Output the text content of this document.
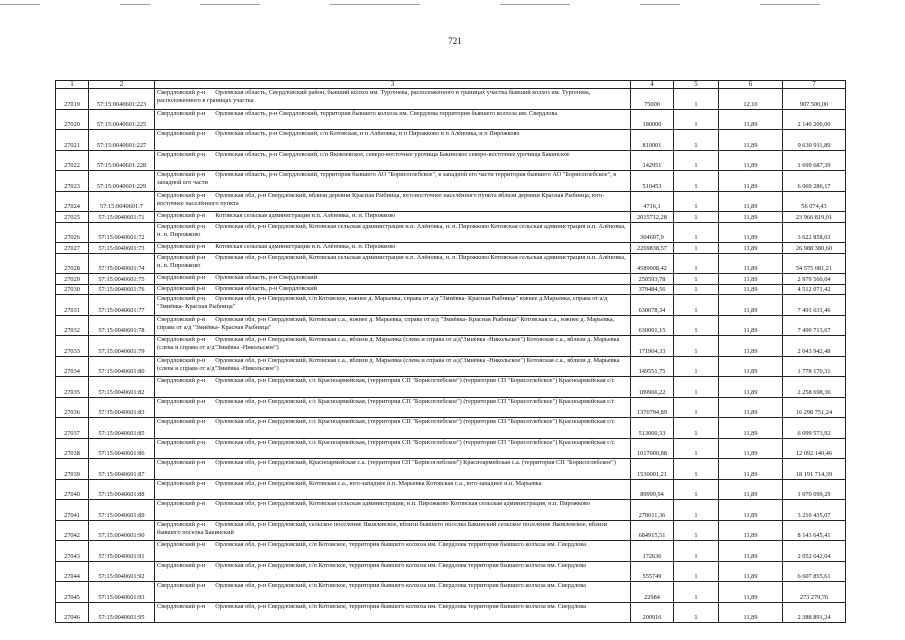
721
1	2	3	4	5	6	7
27019	57:15:0040601:223	Свердловский р-н Орловская область, Свердловский район, бывший колхоз им. Тургенева, расположенного в границах участка бывший колхоз им. Тургенева, расположенного в границах участка	75000	1	12,10	907 500,00
27020	57:15:0040601:225	Свердловский р-н Орловская область, р-н Свердловский, территория бывшего колхоза им. Свердлова территория бывшего колхоза им. Свердлова	180000	1	11,89	2 140 200,00
27021	57:15:0040601:227	Свердловский р-н Орловская область, р-н Свердловский, с/п Котовская, н п Алёновка, н п Пирожково н п Алёновка, н п Пирожково	810001	1	11,89	9 630 911,89
27022	57:15:0040601:228	Свердловский р-н Орловская область, р-н Свердловский, с/п Яковлевское, северо-восточнее урочища Бакинское северо-восточнее урочища Бакинское	142951	1	11,89	1 699 687,39
27023	57:15:0040601:229	Свердловский р-н Орловская область, р-н Свердловский, территория бывшего АО "Борисоглебское", в западной его части территория бывшего АО "Борисоглебское", в западной его части	510453	1	11,89	6 069 286,17
27024	57:15:0040601:7	Свердловский р-н Орловская обл, р-н Свердловский, вблизи деревни Красная Рыбница, юго-восточнее населённого пункта вблизи деревни Красная Рыбница, юго-восточнее населённого пункта	4716,1	1	11,89	56 074,43
27025	57:15:0040601:71	Свердловский р-н Котовская сельская администрация н.п. Алёновка, н. п. Пирожково	2015712,28	1	11,89	23 966 819,01
27026	57:15:0040601:72	Свердловский р-н Орловская обл, р-н Свердловский, Котовская сельская администрация н.п. Алёновка, н. п. Пирожково Котовская сельская администрация н.п. Алёновка, н. п. Пирожково	304697,9	1	11,89	3 622 858,03
27027	57:15:0040601:73	Свердловский р-н Котовская сельская администрация н.п. Алёновка, н. п. Пирожково	2269838,57	1	11,89	26 988 380,60
27028	57:15:0040601:74	Свердловский р-н Орловская обл, р-н Свердловский, Котовская сельская администрация н.п. Алёновка, н. п. Пирожково Котовская сельская администрация н.п. Алёновка, н. п. Пирожково	4589908,42	1	11,89	54 575 081,21
27029	57:15:0040601:75	Свердловский р-н Орловская область, р-н Свердловский	250593,78	1	11,89	2 979 560,04
27030	57:15:0040601:76	Свердловский р-н Орловская область, р-н Свердловский	379484,56	1	11,89	4 512 071,42
27031	57:15:0040601:77	Свердловский р-н Орловская обл, р-н Свердловский, с/п Котовское, южнее д. Марьевка, справа от а/д "Змиёвка- Красная Рыбница" южнее д.Марьевка, справа от а/д "Змиёвка- Красная Рыбница"	630078,34	1	11,89	7 491 631,46
27032	57:15:0040601:78	Свердловский р-н Орловская обл, р-н Свердловский, Котовская с.а., южнее д. Марьевка, справа от а/д "Змиёвка- Красная Рыбница" Котовская с.а., южнее д. Марьевка, справа от а/д "Змиёвка- Красная Рыбница"	630001,15	1	11,89	7 490 713,67
27033	57:15:0040601:79	Свердловский р-н Орловская обл, р-н Свердловский, Котовская с.а., вблизи д. Марьевка (слева и справа от а/д"Змиёвка -Никольское") Котовская с.а., вблизи д. Марьевка (слева и справа от а/д"Змиёвка -Никольское")	171904,33	1	11,89	2 043 942,48
27034	57:15:0040601:80	Свердловский р-н Орловская обл, р-н Свердловский, Котовская с.а., вблизи д. Марьевка (слева и справа от а/д"Змиёвка -Никольское") Котовская с.а., вблизи д. Марьевка (слева и справа от а/д"Змиёвка -Никольское")	149551,75	1	11,89	1 778 170,31
27035	57:15:0040601:82	Свердловский р-н Орловская обл, р-н Свердловский, с/с Красноармейская, (территория СП "Борисоглебское") (территория СП "Борисоглебское") Красноармейская с/с	189966,22	1	11,89	2 258 698,36
27036	57:15:0040601:83	Свердловский р-н Орловская обл, р-н Свердловский, с/с Красноармейская, (территория СП "Борисоглебское") (территория СП "Борисоглебское") Красноармейская с/с	1370794,89	1	11,89	16 298 751,24
27037	57:15:0040601:85	Свердловский р-н Орловская обл, р-н Свердловский, с/с Красноармейская, (территория СП "Борисоглебское") (территория СП "Борисоглебское") Красноармейская с/с	513000,33	1	11,89	6 099 573,92
27038	57:15:0040601:86	Свердловский р-н Орловская обл, р-н Свердловский, с/с Красноармейская, (территория СП "Борисоглебское") (территория СП "Борисоглебское") Красноармейская с/с	1017000,88	1	11,89	12 092 140,46
27039	57:15:0040601:87	Свердловский р-н Орловская обл, р-н Свердловский, Красноармейская с.а. (территория СП "Борисоглебское") Красноармейская с.а. (территория СП "Борисоглебское")	1530001,21	1	11,89	18 191 714,39
27040	57:15:0040601:88	Свердловский р-н Орловская обл, р-н Свердловский, Котовская с.а., юго-западнее н.п. Марьевка Котовская с.а., юго-западнее н.п. Марьевка	89999,94	1	11,89	1 070 099,29
27041	57:15:0040601:89	Свердловский р-н Орловская обл, р-н Свердловский, Котовская сельская администрация, н.п. Пирожково Котовская сельская администрация, н.п. Пирожково	270011,36	1	11,89	3 210 435,07
27042	57:15:0040601:90	Свердловский р-н Орловская обл, р-н Свердловский, сельское поселение Яковлевское, вблизи бывшего поселка Бакинский сельское поселение Яковлевское, вблизи бывшего поселка Бакинский	684915,51	1	11,89	8 143 645,41
27043	57:15:0040601:91	Свердловский р-н Орловская обл, р-н Свердловский, с/п Котовское, территория бывшего колхоза им. Свердлова территория бывшего колхоза им. Свердлова	172636	1	11,89	2 052 642,04
27044	57:15:0040601:92	Свердловский р-н Орловская обл, р-н Свердловский, с/п Котовское, территория бывшего колхоза им. Свердлова территория бывшего колхоза им. Свердлова	555749	1	11,89	6 607 855,61
27045	57:15:0040601:93	Свердловский р-н Орловская обл, р-н Свердловский, с/п Котовское, территория бывшего колхоза им. Свердлова территория бывшего колхоза им. Свердлова	22984	1	11,89	273 279,76
27046	57:15:0040601:95	Свердловский р-н Орловская обл, р-н Свердловский, с/п Котовское, территория бывшего колхоза им. Свердлова территория бывшего колхоза им. Свердлова	200916	1	11,89	2 388 891,24
